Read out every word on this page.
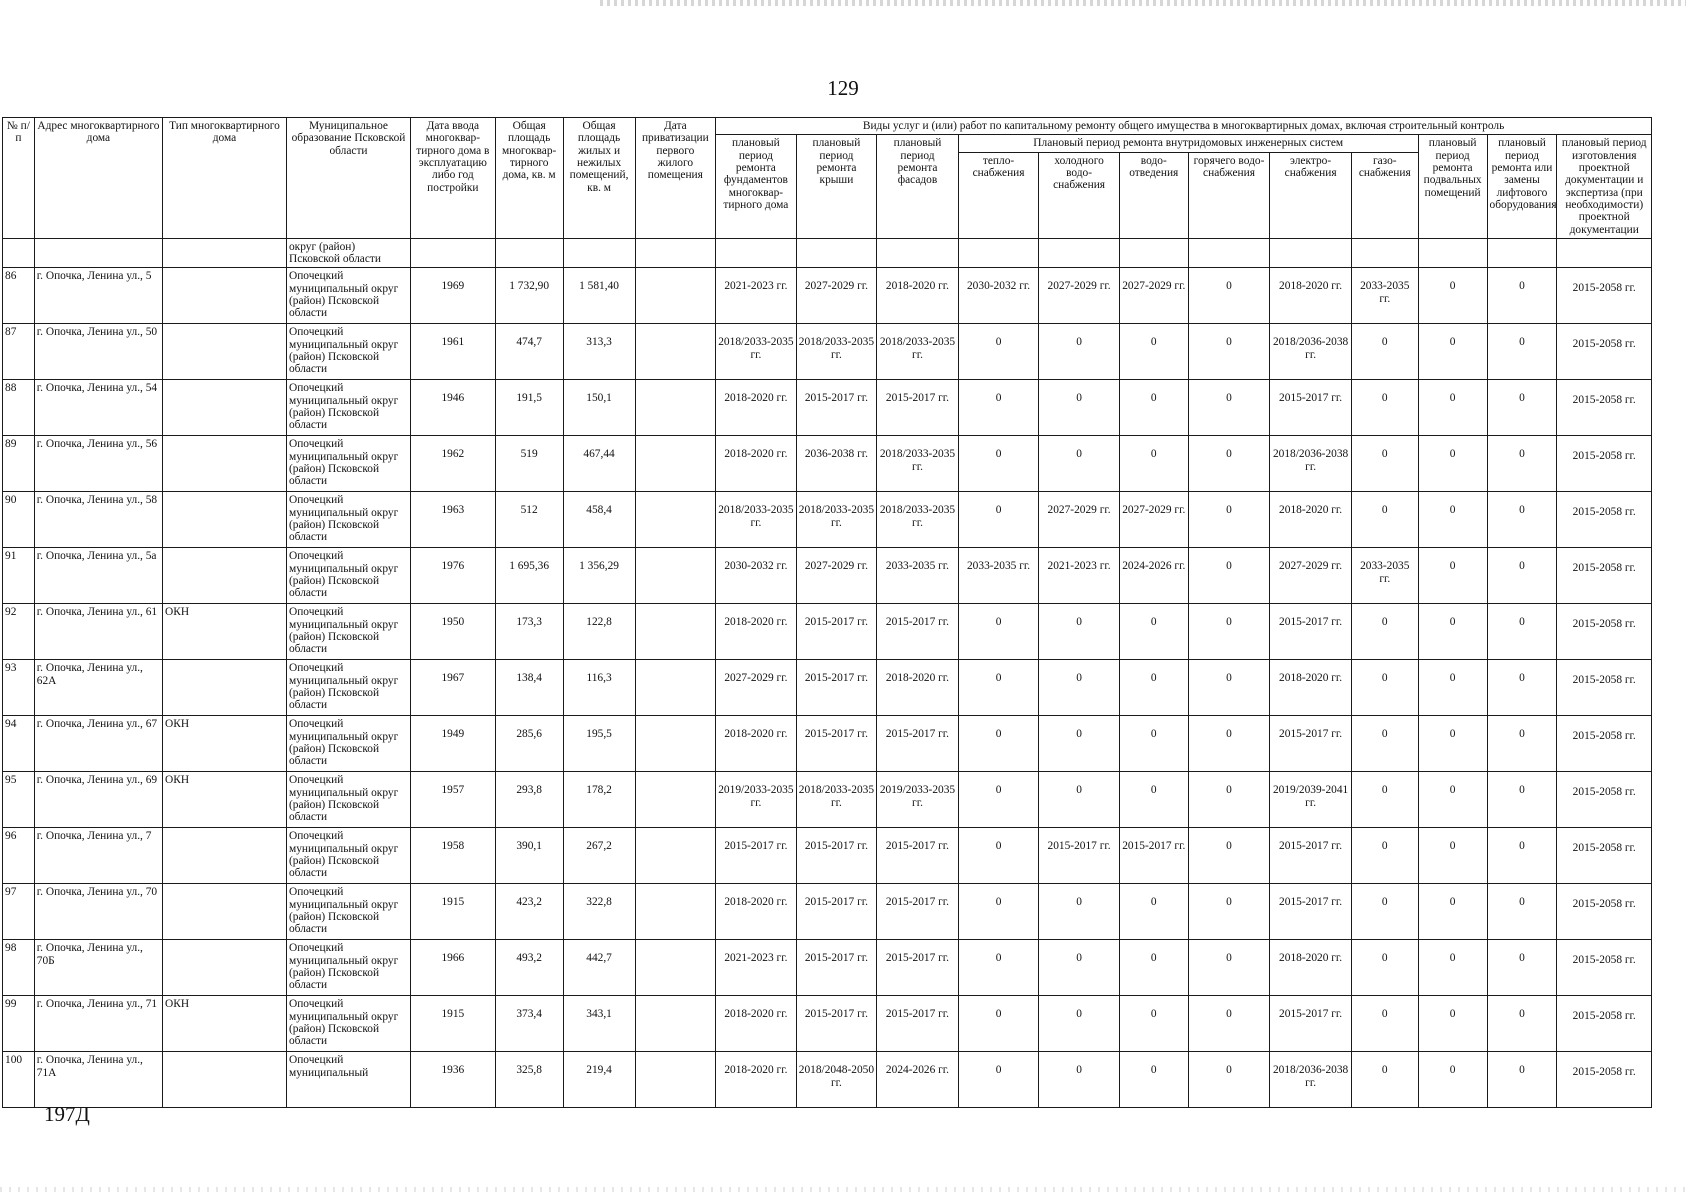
129
№ п/п	Адрес многоквартирного дома	Тип многоквартирного дома	Муниципальное образование Псковской области	Дата ввода многоквар-тирного дома в эксплуатацию либо год постройки	Общая площадь многоквар-тирного дома, кв. м	Общая площадь жилых и нежилых помещений, кв. м	Дата приватизации первого жилого помещения	Виды услуг и (или) работ по капитальному ремонту общего имущества в многоквартирных домах, включая строительный контроль											
								плановый период ремонта фундаментов многоквар-тирного дома	плановый период ремонта крыши	плановый период ремонта фасадов	Плановый период ремонта внутридомовых инженерных систем						плановый период ремонта подвальных помещений	плановый период ремонта или замены лифтового оборудования	плановый период изготовления проектной документации и экспертиза (при необходимости) проектной документации
											тепло-снабжения	холодного водо-снабжения	водо-отведения	горячего водо-снабжения	электро-снабжения	газо-снабжения			
			округ (район) Псковской области																
86	г. Опочка, Ленина ул., 5		Опочецкий муниципальный округ (район) Псковской области	1969	1 732,90	1 581,40		2021-2023 гг.	2027-2029 гг.	2018-2020 гг.	2030-2032 гг.	2027-2029 гг.	2027-2029 гг.	0	2018-2020 гг.	2033-2035 гг.	0	0	2015-2058 гг.

87	г. Опочка, Ленина ул., 50		Опочецкий муниципальный округ (район) Псковской области	1961	474,7	313,3		2018/2033-2035 гг.	2018/2033-2035 гг.	2018/2033-2035 гг.	0	0	0	0	2018/2036-2038 гг.	0	0	0	2015-2058 гг.

88	г. Опочка, Ленина ул., 54		Опочецкий муниципальный округ (район) Псковской области	1946	191,5	150,1		2018-2020 гг.	2015-2017 гг.	2015-2017 гг.	0	0	0	0	2015-2017 гг.	0	0	0	2015-2058 гг.

89	г. Опочка, Ленина ул., 56		Опочецкий муниципальный округ (район) Псковской области	1962	519	467,44		2018-2020 гг.	2036-2038 гг.	2018/2033-2035 гг.	0	0	0	0	2018/2036-2038 гг.	0	0	0	2015-2058 гг.

90	г. Опочка, Ленина ул., 58		Опочецкий муниципальный округ (район) Псковской области	1963	512	458,4		2018/2033-2035 гг.	2018/2033-2035 гг.	2018/2033-2035 гг.	0	2027-2029 гг.	2027-2029 гг.	0	2018-2020 гг.	0	0	0	2015-2058 гг.

91	г. Опочка, Ленина ул., 5а		Опочецкий муниципальный округ (район) Псковской области	1976	1 695,36	1 356,29		2030-2032 гг.	2027-2029 гг.	2033-2035 гг.	2033-2035 гг.	2021-2023 гг.	2024-2026 гг.	0	2027-2029 гг.	2033-2035 гг.	0	0	2015-2058 гг.

92	г. Опочка, Ленина ул., 61	ОКН	Опочецкий муниципальный округ (район) Псковской области	1950	173,3	122,8		2018-2020 гг.	2015-2017 гг.	2015-2017 гг.	0	0	0	0	2015-2017 гг.	0	0	0	2015-2058 гг.

93	г. Опочка, Ленина ул., 62А		Опочецкий муниципальный округ (район) Псковской области	1967	138,4	116,3		2027-2029 гг.	2015-2017 гг.	2018-2020 гг.	0	0	0	0	2018-2020 гг.	0	0	0	2015-2058 гг.

94	г. Опочка, Ленина ул., 67	ОКН	Опочецкий муниципальный округ (район) Псковской области	1949	285,6	195,5		2018-2020 гг.	2015-2017 гг.	2015-2017 гг.	0	0	0	0	2015-2017 гг.	0	0	0	2015-2058 гг.

95	г. Опочка, Ленина ул., 69	ОКН	Опочецкий муниципальный округ (район) Псковской области	1957	293,8	178,2		2019/2033-2035 гг.	2018/2033-2035 гг.	2019/2033-2035 гг.	0	0	0	0	2019/2039-2041 гг.	0	0	0	2015-2058 гг.

96	г. Опочка, Ленина ул., 7		Опочецкий муниципальный округ (район) Псковской области	1958	390,1	267,2		2015-2017 гг.	2015-2017 гг.	2015-2017 гг.	0	2015-2017 гг.	2015-2017 гг.	0	2015-2017 гг.	0	0	0	2015-2058 гг.

97	г. Опочка, Ленина ул., 70		Опочецкий муниципальный округ (район) Псковской области	1915	423,2	322,8		2018-2020 гг.	2015-2017 гг.	2015-2017 гг.	0	0	0	0	2015-2017 гг.	0	0	0	2015-2058 гг.

98	г. Опочка, Ленина ул., 70Б		Опочецкий муниципальный округ (район) Псковской области	1966	493,2	442,7		2021-2023 гг.	2015-2017 гг.	2015-2017 гг.	0	0	0	0	2018-2020 гг.	0	0	0	2015-2058 гг.

99	г. Опочка, Ленина ул., 71	ОКН	Опочецкий муниципальный округ (район) Псковской области	1915	373,4	343,1		2018-2020 гг.	2015-2017 гг.	2015-2017 гг.	0	0	0	0	2015-2017 гг.	0	0	0	2015-2058 гг.

100	г. Опочка, Ленина ул., 71А		Опочецкий муниципальный	1936	325,8	219,4		2018-2020 гг.	2018/2048-2050 гг.	2024-2026 гг.	0	0	0	0	2018/2036-2038 гг.	0	0	0	2015-2058 гг.
197Д
